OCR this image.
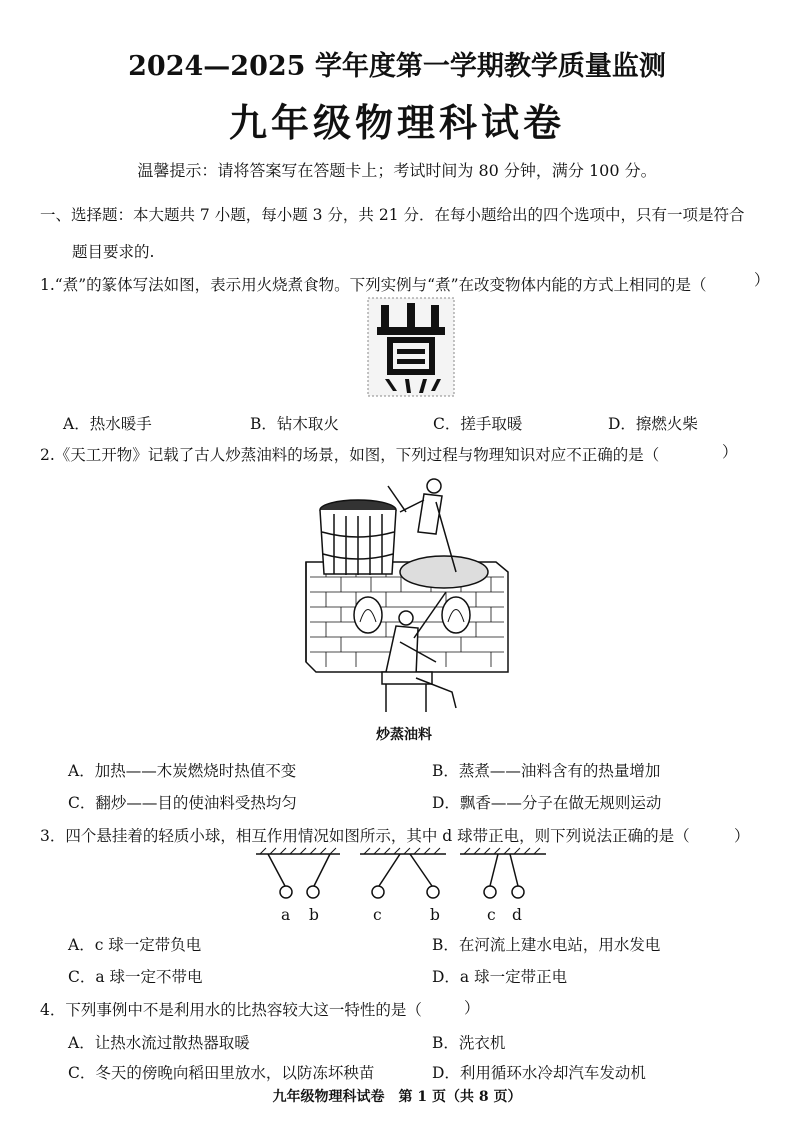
2024—2025 学年度第一学期教学质量监测
九年级物理科试卷
温馨提示：请将答案写在答题卡上；考试时间为 80 分钟，满分 100 分。
一、选择题：本大题共 7 小题，每小题 3 分，共 21 分．在每小题给出的四个选项中，只有一项是符合
题目要求的.
1.“煮”的篆体写法如图，表示用火烧煮食物。下列实例与“煮”在改变物体内能的方式上相同的是（	）
A．热水暖手	B．钻木取火	C．搓手取暖	D．擦燃火柴
2.《天工开物》记载了古人炒蒸油料的场景，如图，下列过程与物理知识对应不正确的是（	）
炒蒸油料
A．加热——木炭燃烧时热值不变	B．蒸煮——油料含有的热量增加
C．翻炒——目的使油料受热均匀	D．飘香——分子在做无规则运动
3．四个悬挂着的轻质小球，相互作用情况如图所示，其中 d 球带正电，则下列说法正确的是（	）
a b	c	b	c d
A．c 球一定带负电	B．在河流上建水电站，用水发电
C．a 球一定不带电	D．a 球一定带正电
4．下列事例中不是利用水的比热容较大这一特性的是（	）
A．让热水流过散热器取暖	B．洗衣机
C．冬天的傍晚向稻田里放水，以防冻坏秧苗	D．利用循环水冷却汽车发动机
九年级物理科试卷　第 1 页（共 8 页）
